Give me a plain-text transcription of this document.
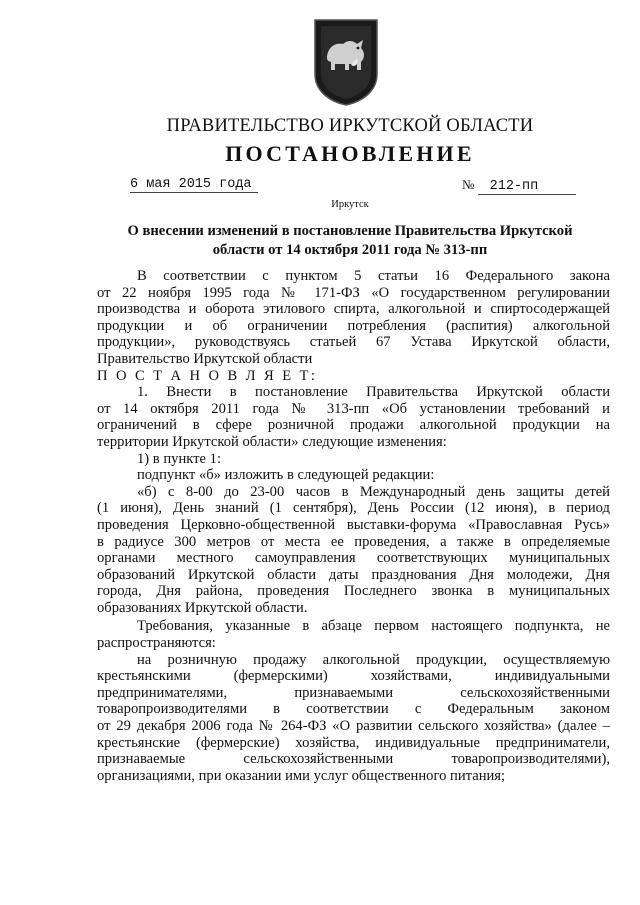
ПРАВИТЕЛЬСТВО ИРКУТСКОЙ ОБЛАСТИ
ПОСТАНОВЛЕНИЕ
6 мая 2015 года	№ 212-пп
Иркутск
О внесении изменений в постановление Правительства Иркутской
области от 14 октября 2011 года № 313-пп

В соответствии с пунктом 5 статьи 16 Федерального закона
от 22 ноября 1995 года № 171-ФЗ «О государственном регулировании
производства и оборота этилового спирта, алкогольной и спиртосодержащей
продукции и об ограничении потребления (распития) алкогольной
продукции», руководствуясь статьей 67 Устава Иркутской области,
Правительство Иркутской области

П О С Т А Н О В Л Я Е Т:

1. Внести в постановление Правительства Иркутской области
от 14 октября 2011 года № 313-пп «Об установлении требований и
ограничений в сфере розничной продажи алкогольной продукции на
территории Иркутской области» следующие изменения:

1) в пункте 1:

подпункт «б» изложить в следующей редакции:

«б) с 8-00 до 23-00 часов в Международный день защиты детей
(1 июня), День знаний (1 сентября), День России (12 июня), в период
проведения Церковно-общественной выставки-форума «Православная Русь»
в радиусе 300 метров от места ее проведения, а также в определяемые
органами местного самоуправления соответствующих муниципальных
образований Иркутской области даты празднования Дня молодежи, Дня
города, Дня района, проведения Последнего звонка в муниципальных
образованиях Иркутской области.

Требования, указанные в абзаце первом настоящего подпункта, не
распространяются:

на розничную продажу алкогольной продукции, осуществляемую
крестьянскими (фермерскими) хозяйствами, индивидуальными
предпринимателями, признаваемыми сельскохозяйственными
товаропроизводителями в соответствии с Федеральным законом
от 29 декабря 2006 года № 264-ФЗ «О развитии сельского хозяйства» (далее –
крестьянские (фермерские) хозяйства, индивидуальные предприниматели,
признаваемые сельскохозяйственными товаропроизводителями),
организациями, при оказании ими услуг общественного питания;
